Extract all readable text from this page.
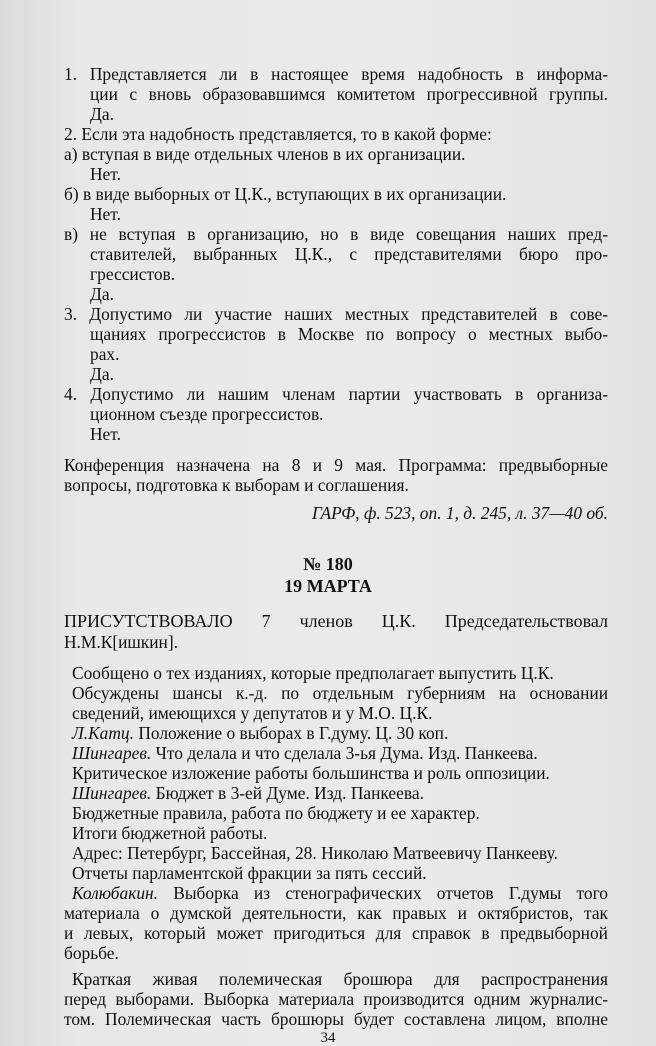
1. Представляется ли в настоящее время надобность в информа-
ции с вновь образовавшимся комитетом прогрессивной группы.
Да.
2. Если эта надобность представляется, то в какой форме:
а) вступая в виде отдельных членов в их организации.
Нет.
б) в виде выборных от Ц.К., вступающих в их организации.
Нет.
в) не вступая в организацию, но в виде совещания наших пред-
ставителей, выбранных Ц.К., с представителями бюро про-
грессистов.
Да.
3. Допустимо ли участие наших местных представителей в сове-
щаниях прогрессистов в Москве по вопросу о местных выбо-
рах.
Да.
4. Допустимо ли нашим членам партии участвовать в организа-
ционном съезде прогрессистов.
Нет.
Конференция назначена на 8 и 9 мая. Программа: предвыборные
вопросы, подготовка к выборам и соглашения.
ГАРФ, ф. 523, оп. 1, д. 245, л. 37—40 об.
№ 180
19 МАРТА
ПРИСУТСТВОВАЛО 7 членов Ц.К. Председательствовал
Н.М.К[ишкин].
Сообщено о тех изданиях, которые предполагает выпустить Ц.К.
Обсуждены шансы к.-д. по отдельным губерниям на основании
сведений, имеющихся у депутатов и у М.О. Ц.К.
Л.Катц. Положение о выборах в Г.думу. Ц. 30 коп.
Шингарев. Что делала и что сделала 3-ья Дума. Изд. Панкеева.
Критическое изложение работы большинства и роль оппозиции.
Шингарев. Бюджет в 3-ей Думе. Изд. Панкеева.
Бюджетные правила, работа по бюджету и ее характер.
Итоги бюджетной работы.
Адрес: Петербург, Бассейная, 28. Николаю Матвеевичу Панкееву.
Отчеты парламентской фракции за пять сессий.
Колюбакин. Выборка из стенографических отчетов Г.думы того
материала о думской деятельности, как правых и октябристов, так
и левых, который может пригодиться для справок в предвыборной
борьбе.
Краткая живая полемическая брошюра для распространения
перед выборами. Выборка материала производится одним журналис-
том. Полемическая часть брошюры будет составлена лицом, вполне
34
